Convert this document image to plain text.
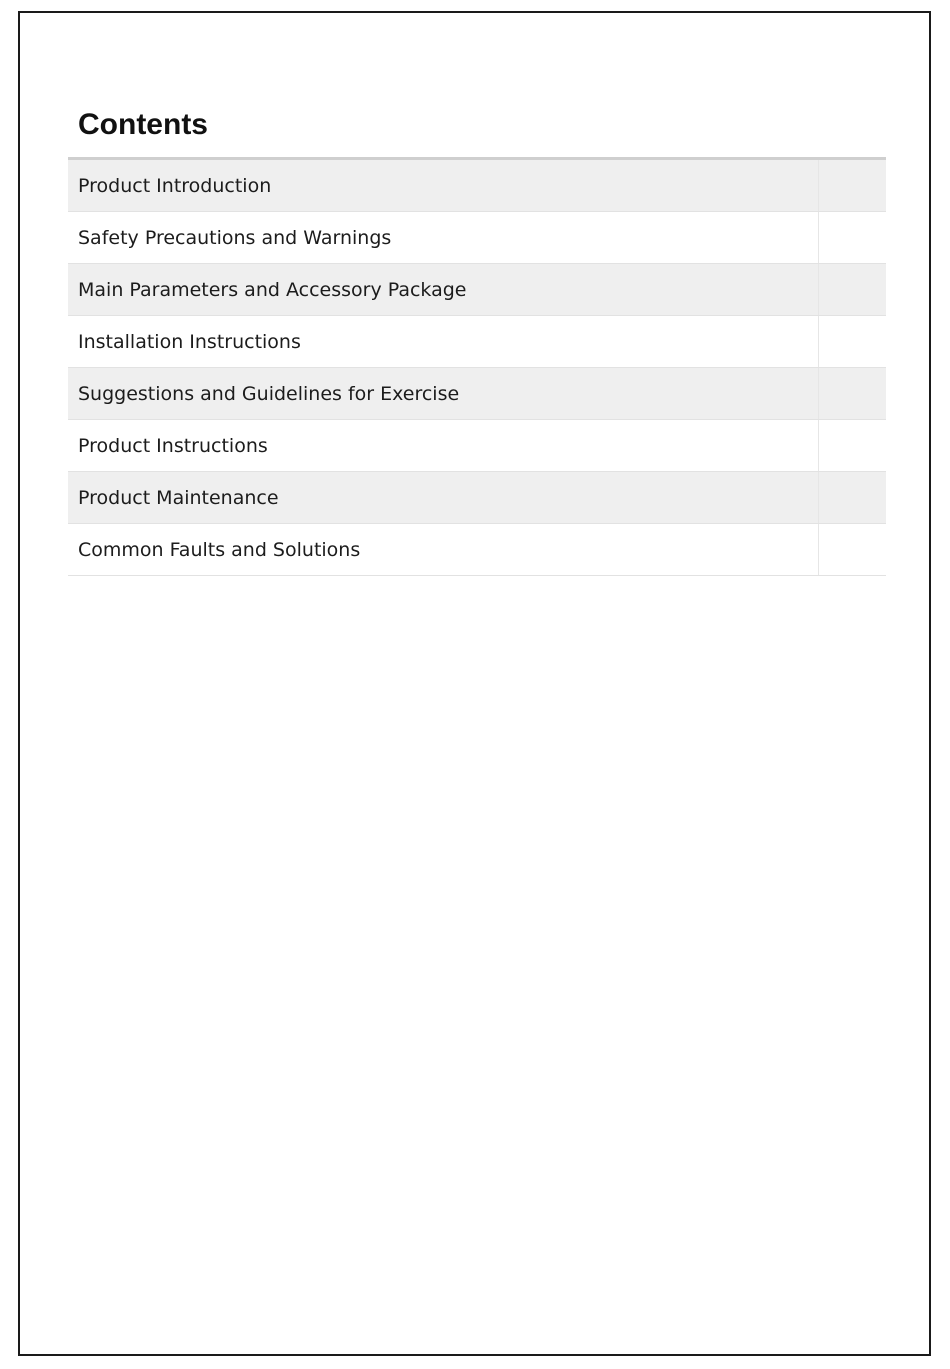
Contents
Product Introduction
Safety Precautions and Warnings
Main Parameters and Accessory Package
Installation Instructions
Suggestions and Guidelines for Exercise
Product Instructions
Product Maintenance
Common Faults and Solutions
